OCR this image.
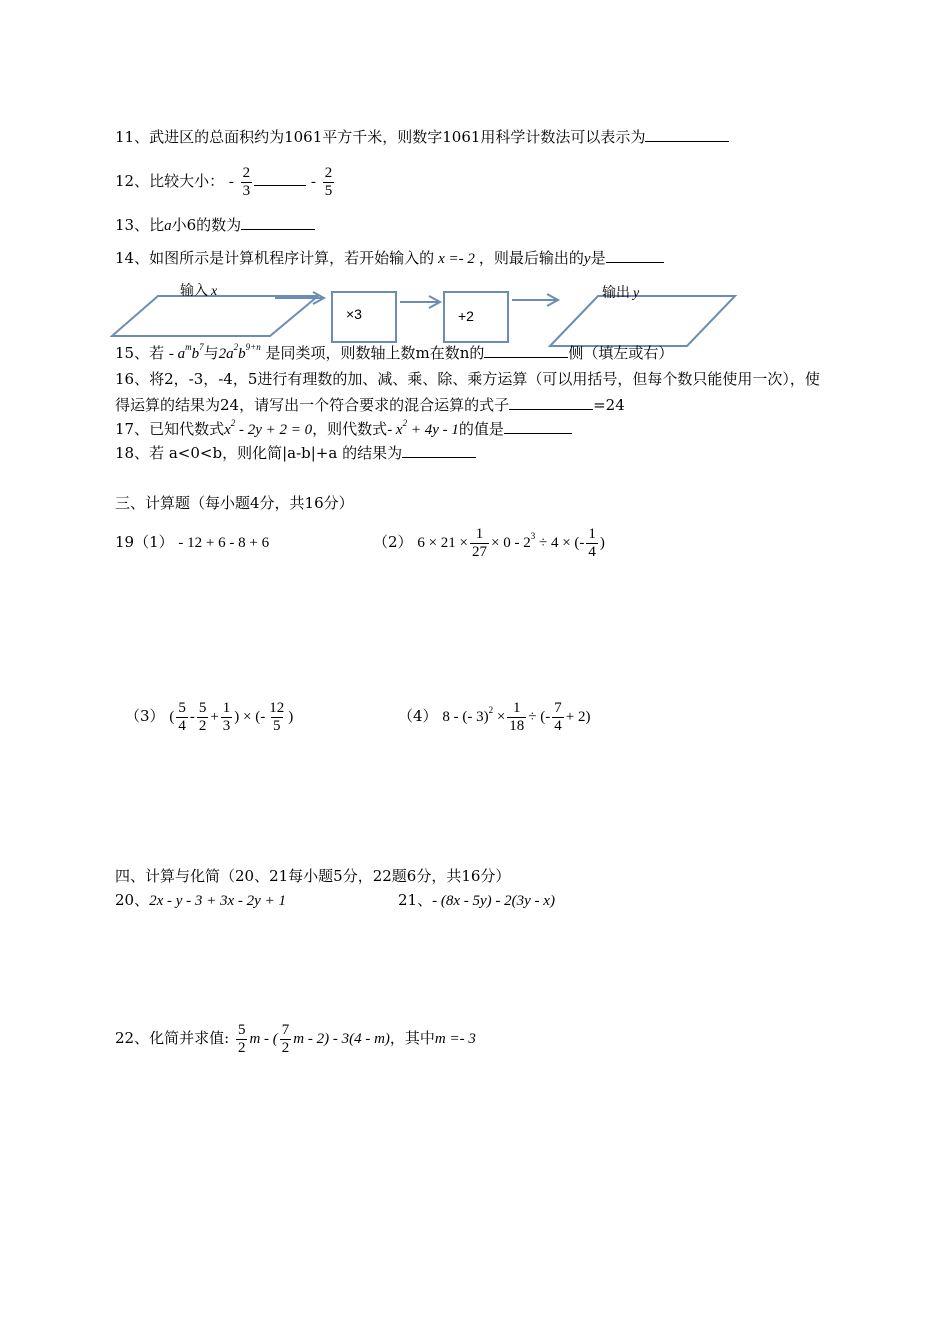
11、武进区的总面积约为1061平方千米，则数字1061用科学计数法可以表示为
12、比较大小： - $\frac{2}{3}$	- $\frac{2}{5}$
13、比a小6的数为
14、如图所示是计算机程序计算，若开始输入的 x =- 2 ，则最后输出的y是
输入 x
×3	+2
输出 y
15、若 - $a^mb^7$与$2a^2b^{9+n}$ 是同类项，则数轴上数m在数n的	侧（填左或右）
16、将2，-3，-4，5进行有理数的加、减、乘、除、乘方运算（可以用括号，但每个数只能使用一次），使
得运算的结果为24，请写出一个符合要求的混合运算的式子	=24
17、已知代数式$x^2 - 2y + 2 = 0$，则代数式- $x^2 + 4y - 1$的值是
18、若 a<0<b，则化简|a-b|+a 的结果为
三、计算题（每小题4分，共16分）
19（1） - 12 + 6 - 8 + 6	（2） $6 \times 21 \times \frac{1}{27} \times 0 - 2^3 \div 4$ × (- $\frac{1}{4}$ )
（3） ( $\frac{5}{4} - \frac{5}{2} + \frac{1}{3}$ ) × (- $\frac{12}{5}$ )	（4） 8 - (- $3)^2 \times \frac{1}{18}$ ÷ (- $\frac{7}{4} + 2$)
四、计算与化简（20、21每小题5分，22题6分，共16分）
20、2x - y - 3 + 3x - 2y + 1	21、- (8x - 5y) - 2(3y - x)
22、化简并求值: $\frac{5}{2}$ m - ( $\frac{7}{2}$ m - 2) - 3(4 - m)，其中m =- 3
